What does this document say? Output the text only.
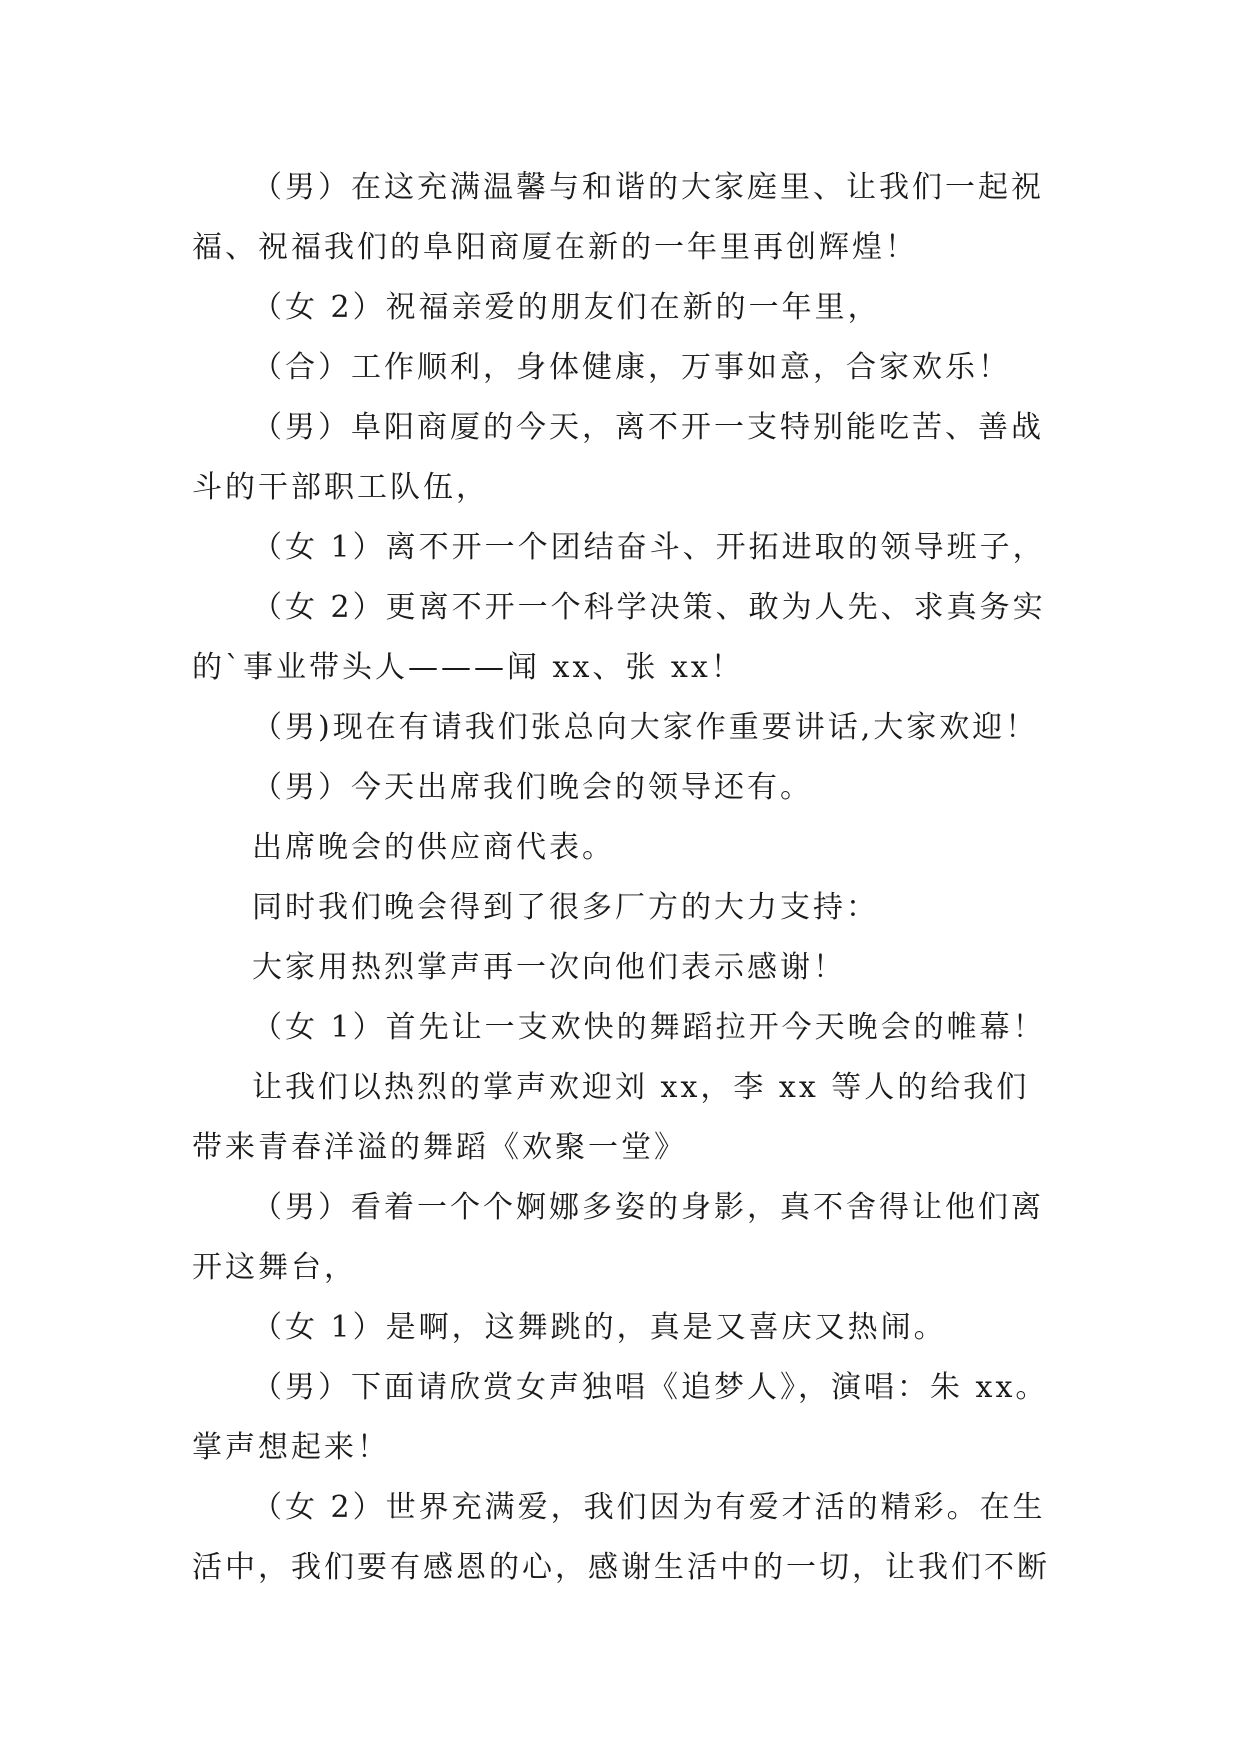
（男）在这充满温馨与和谐的大家庭里、让我们一起祝福、祝福我们的阜阳商厦在新的一年里再创辉煌！

（女 2）祝福亲爱的朋友们在新的一年里，

（合）工作顺利，身体健康，万事如意，合家欢乐！

（男）阜阳商厦的今天，离不开一支特别能吃苦、善战斗的干部职工队伍，

（女 1）离不开一个团结奋斗、开拓进取的领导班子，

（女 2）更离不开一个科学决策、敢为人先、求真务实的`事业带头人———闻 xx、张 xx！

（男)现在有请我们张总向大家作重要讲话,大家欢迎！

（男）今天出席我们晚会的领导还有。

出席晚会的供应商代表。

同时我们晚会得到了很多厂方的大力支持：

大家用热烈掌声再一次向他们表示感谢！

（女 1）首先让一支欢快的舞蹈拉开今天晚会的帷幕！

让我们以热烈的掌声欢迎刘 xx，李 xx 等人的给我们带来青春洋溢的舞蹈《欢聚一堂》

（男）看着一个个婀娜多姿的身影，真不舍得让他们离开这舞台，

（女 1）是啊，这舞跳的，真是又喜庆又热闹。

（男）下面请欣赏女声独唱《追梦人》，演唱：朱 xx。掌声想起来！

（女 2）世界充满爱，我们因为有爱才活的精彩。在生活中，我们要有感恩的心，感谢生活中的一切，让我们不断
